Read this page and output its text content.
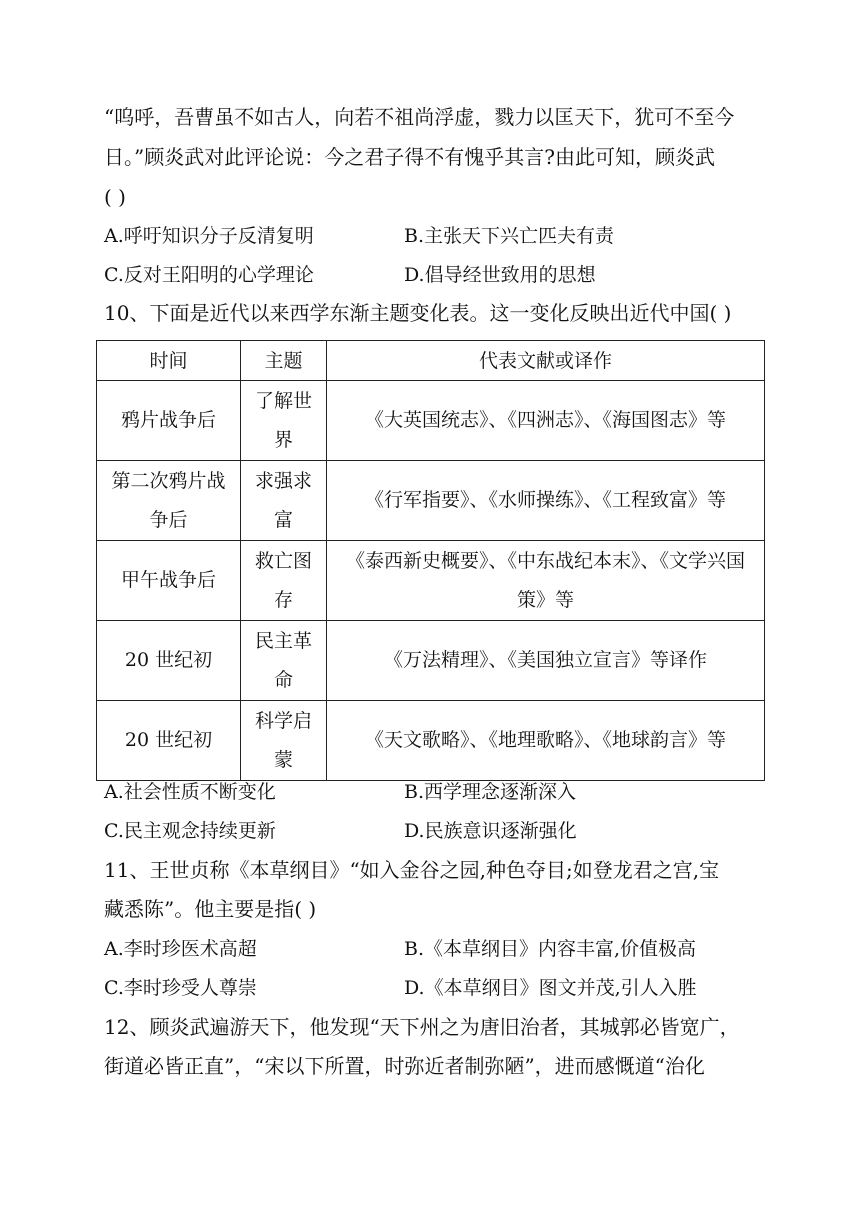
“呜呼，吾曹虽不如古人，向若不祖尚浮虚，戮力以匡天下，犹可不至今
日。”顾炎武对此评论说：今之君子得不有愧乎其言?由此可知，顾炎武
( )
A.呼吁知识分子反清复明	B.主张天下兴亡匹夫有责
C.反对王阳明的心学理论	D.倡导经世致用的思想
10、下面是近代以来西学东渐主题变化表。这一变化反映出近代中国( )
时间	主题	代表文献或译作
鸦片战争后	了解世界	《大英国统志》、《四洲志》、《海国图志》等
第二次鸦片战争后	求强求富	《行军指要》、《水师操练》、《工程致富》等
甲午战争后	救亡图存	《泰西新史概要》、《中东战纪本末》、《文学兴国策》等
20 世纪初	民主革命	《万法精理》、《美国独立宣言》等译作
20 世纪初	科学启蒙	《天文歌略》、《地理歌略》、《地球韵言》等
A.社会性质不断变化	B.西学理念逐渐深入
C.民主观念持续更新	D.民族意识逐渐强化
11、王世贞称《本草纲目》“如入金谷之园,种色夺目;如登龙君之宫,宝
藏悉陈”。他主要是指( )
A.李时珍医术高超	B.《本草纲目》内容丰富,价值极高
C.李时珍受人尊崇	D.《本草纲目》图文并茂,引人入胜
12、顾炎武遍游天下，他发现“天下州之为唐旧治者，其城郭必皆宽广，
街道必皆正直”，“宋以下所置，时弥近者制弥陋”，进而感慨道“治化
